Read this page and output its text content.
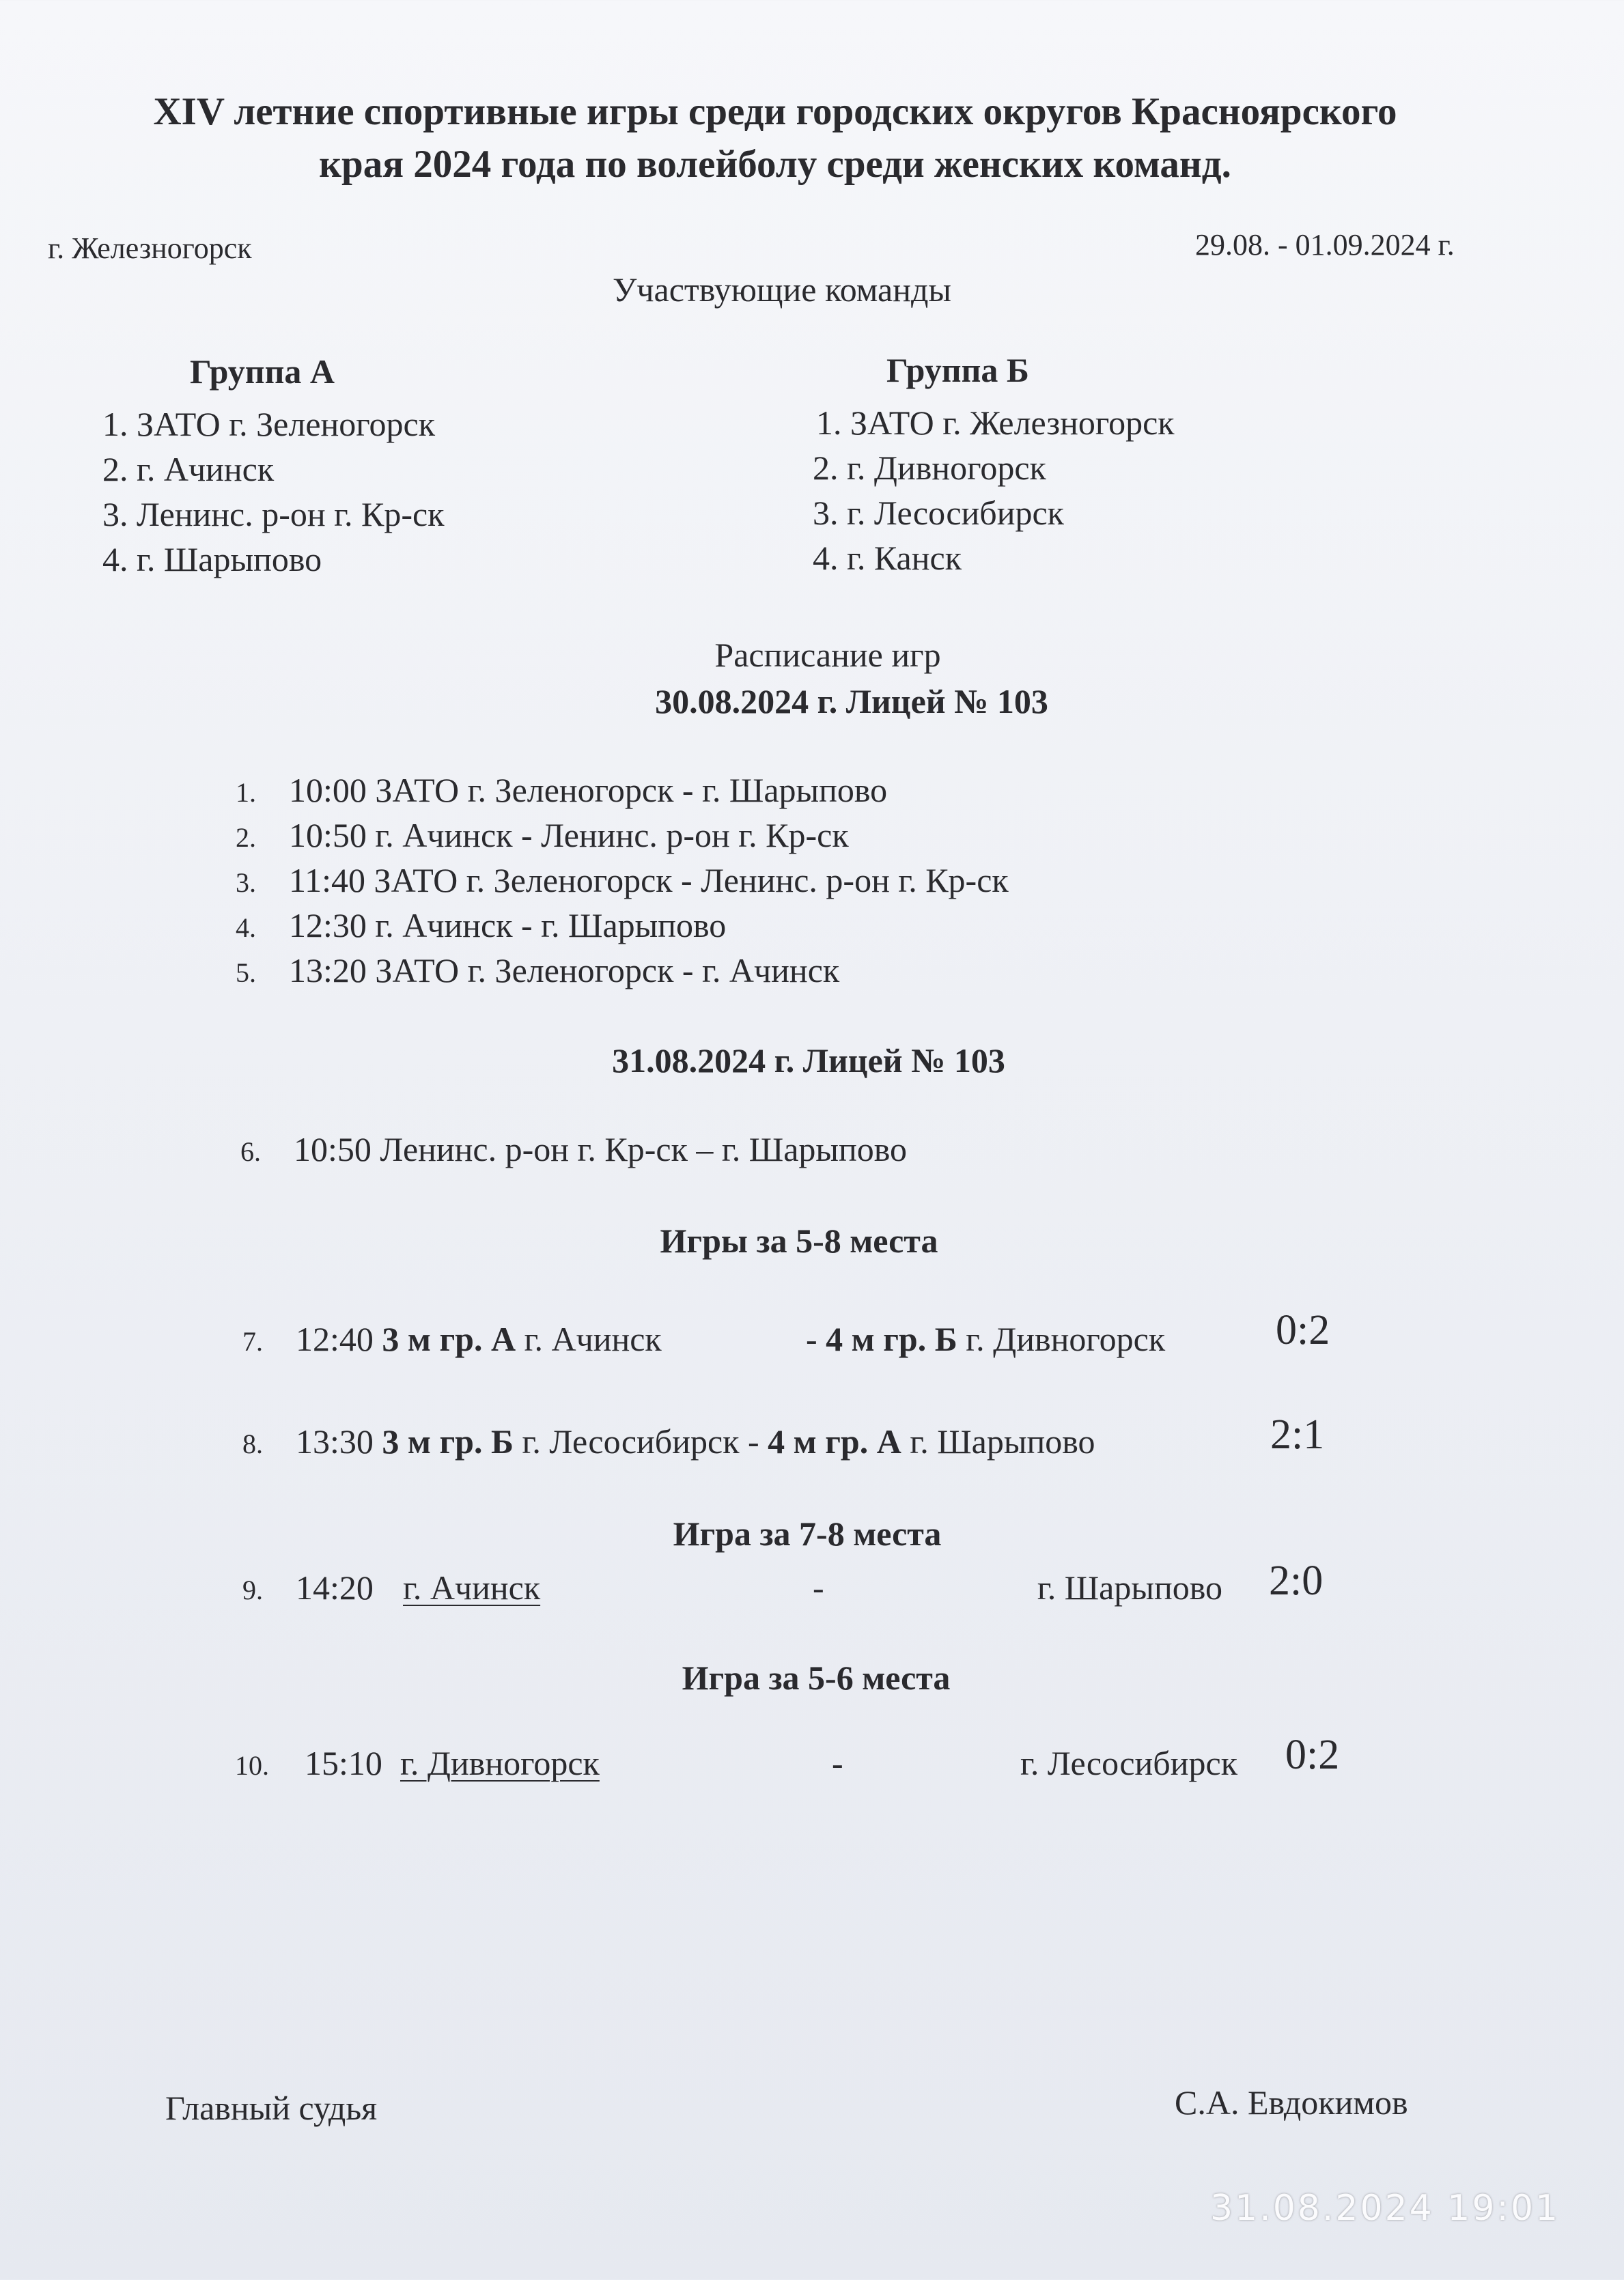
XIV летние спортивные игры среди городских округов Красноярского
края 2024 года по волейболу среди женских команд.
г. Железногорск	29.08. - 01.09.2024 г.
Участвующие команды
Группа А
1. ЗАТО г. Зеленогорск
2. г. Ачинск
3. Ленинс. р-он г. Кр-ск
4. г. Шарыпово
Группа Б
1. ЗАТО г. Железногорск
2. г. Дивногорск
3. г. Лесосибирск
4. г. Канск
Расписание игр
30.08.2024 г. Лицей № 103
1. 10:00 ЗАТО г. Зеленогорск - г. Шарыпово
2. 10:50 г. Ачинск - Ленинс. р-он г. Кр-ск
3. 11:40 ЗАТО г. Зеленогорск - Ленинс. р-он г. Кр-ск
4. 12:30 г. Ачинск - г. Шарыпово
5. 13:20 ЗАТО г. Зеленогорск - г. Ачинск
31.08.2024 г. Лицей № 103
6. 10:50 Ленинс. р-он г. Кр-ск – г. Шарыпово
Игры за 5-8 места
7. 12:40 3 м гр. А г. Ачинск	- 4 м гр. Б г. Дивногорск	0:2
8. 13:30 3 м гр. Б г. Лесосибирск - 4 м гр. А г. Шарыпово	2:1
Игра за 7-8 места
9. 14:20 г. Ачинск	-	г. Шарыпово 2:0
Игра за 5-6 места
10. 15:10 г. Дивногорск	-	г. Лесосибирск 0:2
Главный судья	С.А. Евдокимов
31.08.2024 19:01
